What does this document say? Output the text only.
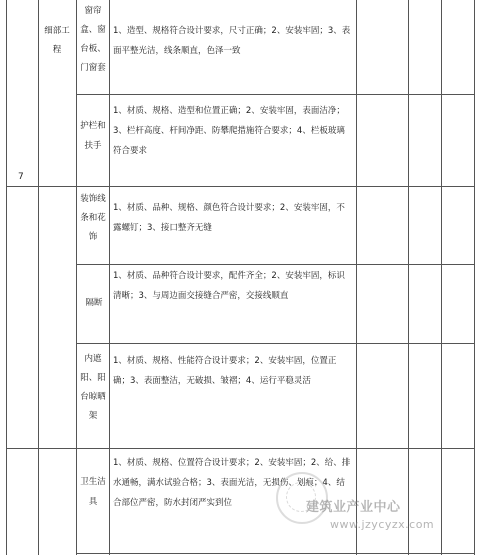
7
细部工程
窗帘盒、窗台板、门窗套
1、造型、规格符合设计要求，尺寸正确；2、安装牢固；3、表面平整光洁，线条顺直，色泽一致
护栏和扶手
1、材质、规格、造型和位置正确；2、安装牢固，表面洁净；3、栏杆高度、杆间净距、防攀爬措施符合要求；4、栏板玻璃符合要求
装饰线条和花饰
1、材质、品种、规格、颜色符合设计要求；2、安装牢固，不露螺钉；3、接口整齐无缝
隔断
1、材质、品种符合设计要求，配件齐全；2、安装牢固，标识清晰；3、与周边面交接缝合严密，交接线顺直
内遮阳、阳台晾晒架
1、材质、规格、性能符合设计要求；2、安装牢固，位置正确；3、表面整洁，无破损、皱褶；4、运行平稳灵活
卫生洁具
1、材质、规格、位置符合设计要求；2、安装牢固；2、给、排水通畅，满水试验合格；3、表面光洁，无损伤、划痕；4、结合部位严密，防水封闭严实到位	建筑业产业中心
www.jzycyzx.com
